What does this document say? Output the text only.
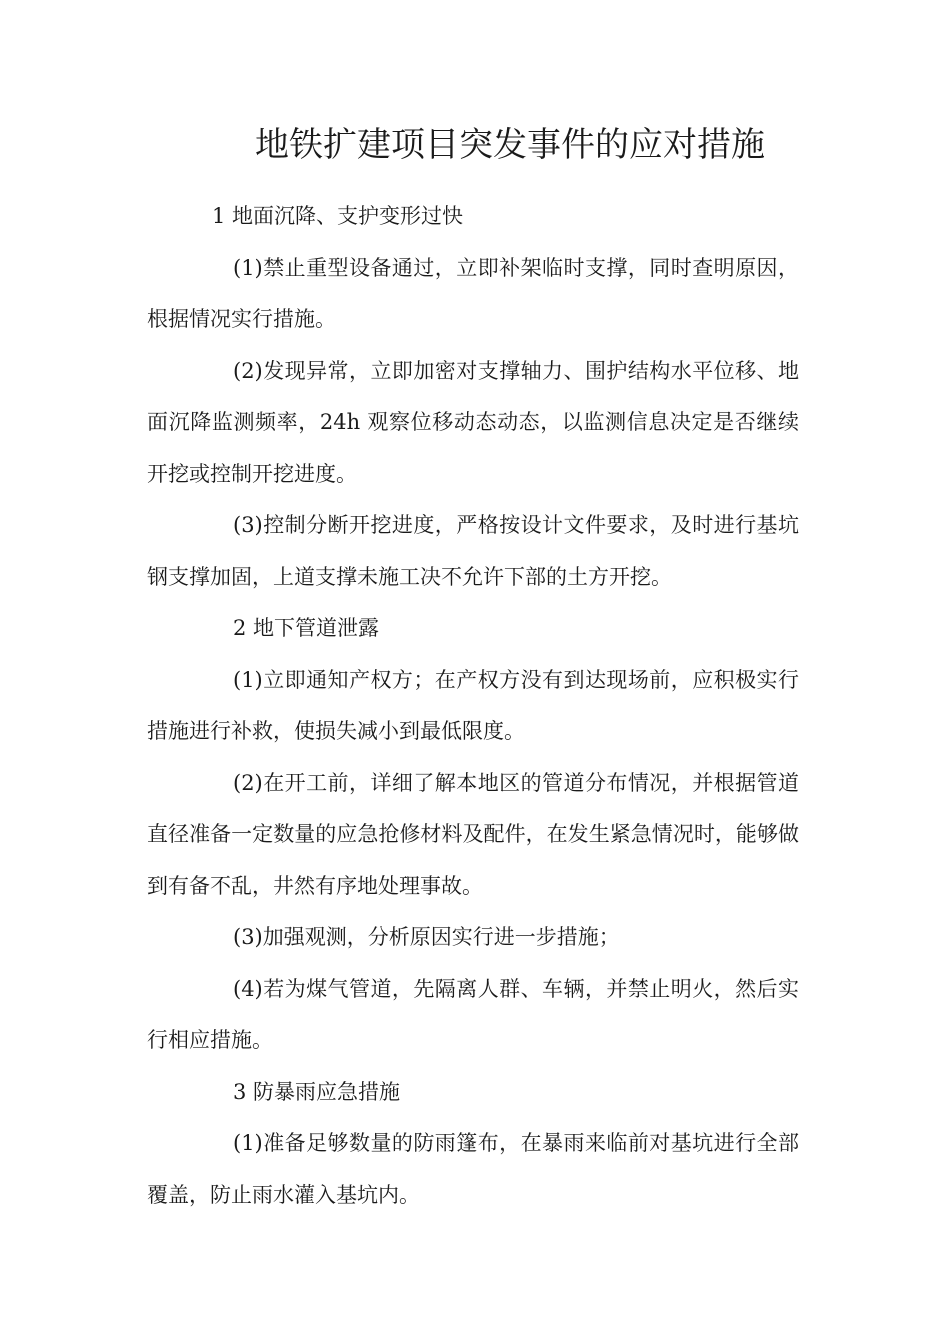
地铁扩建项目突发事件的应对措施

1 地面沉降、支护变形过快

(1)禁止重型设备通过，立即补架临时支撑，同时查明原因，根据情况实行措施。

(2)发现异常，立即加密对支撑轴力、围护结构水平位移、地面沉降监测频率，24h 观察位移动态动态，以监测信息决定是否继续开挖或控制开挖进度。

(3)控制分断开挖进度，严格按设计文件要求，及时进行基坑钢支撑加固，上道支撑未施工决不允许下部的土方开挖。

2 地下管道泄露

(1)立即通知产权方；在产权方没有到达现场前，应积极实行措施进行补救，使损失减小到最低限度。

(2)在开工前，详细了解本地区的管道分布情况，并根据管道直径准备一定数量的应急抢修材料及配件，在发生紧急情况时，能够做到有备不乱，井然有序地处理事故。

(3)加强观测，分析原因实行进一步措施；

(4)若为煤气管道，先隔离人群、车辆，并禁止明火，然后实行相应措施。

3 防暴雨应急措施

(1)准备足够数量的防雨篷布，在暴雨来临前对基坑进行全部覆盖，防止雨水灌入基坑内。
